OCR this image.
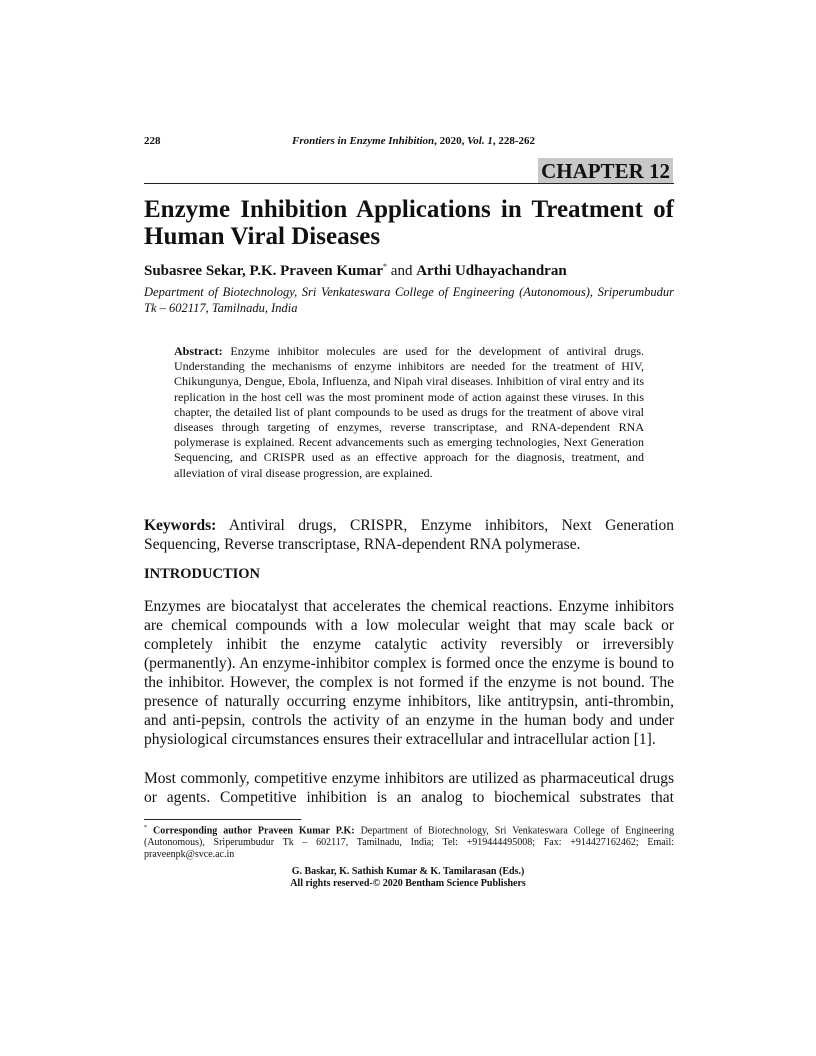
228	Frontiers in Enzyme Inhibition, 2020, Vol. 1, 228-262
CHAPTER 12
Enzyme Inhibition Applications in Treatment of Human Viral Diseases
Subasree Sekar, P.K. Praveen Kumar* and Arthi Udhayachandran
Department of Biotechnology, Sri Venkateswara College of Engineering (Autonomous), Sriperumbudur Tk – 602117, Tamilnadu, India
Abstract: Enzyme inhibitor molecules are used for the development of antiviral drugs. Understanding the mechanisms of enzyme inhibitors are needed for the treatment of HIV, Chikungunya, Dengue, Ebola, Influenza, and Nipah viral diseases. Inhibition of viral entry and its replication in the host cell was the most prominent mode of action against these viruses. In this chapter, the detailed list of plant compounds to be used as drugs for the treatment of above viral diseases through targeting of enzymes, reverse transcriptase, and RNA-dependent RNA polymerase is explained. Recent advancements such as emerging technologies, Next Generation Sequencing, and CRISPR used as an effective approach for the diagnosis, treatment, and alleviation of viral disease progression, are explained.
Keywords: Antiviral drugs, CRISPR, Enzyme inhibitors, Next Generation Sequencing, Reverse transcriptase, RNA-dependent RNA polymerase.
INTRODUCTION

Enzymes are biocatalyst that accelerates the chemical reactions. Enzyme inhibitors are chemical compounds with a low molecular weight that may scale back or completely inhibit the enzyme catalytic activity reversibly or irreversibly (permanently). An enzyme-inhibitor complex is formed once the enzyme is bound to the inhibitor. However, the complex is not formed if the enzyme is not bound. The presence of naturally occurring enzyme inhibitors, like antitrypsin, anti-thrombin, and anti-pepsin, controls the activity of an enzyme in the human body and under physiological circumstances ensures their extracellular and intracellular action [1].

Most commonly, competitive enzyme inhibitors are utilized as pharmaceutical drugs or agents. Competitive inhibition is an analog to biochemical substrates that

* Corresponding author Praveen Kumar P.K: Department of Biotechnology, Sri Venkateswara College of Engineering (Autonomous), Sriperumbudur Tk – 602117, Tamilnadu, India; Tel: +919444495008; Fax: +914427162462; Email: praveenpk@svce.ac.in
G. Baskar, K. Sathish Kumar & K. Tamilarasan (Eds.)
All rights reserved-© 2020 Bentham Science Publishers
